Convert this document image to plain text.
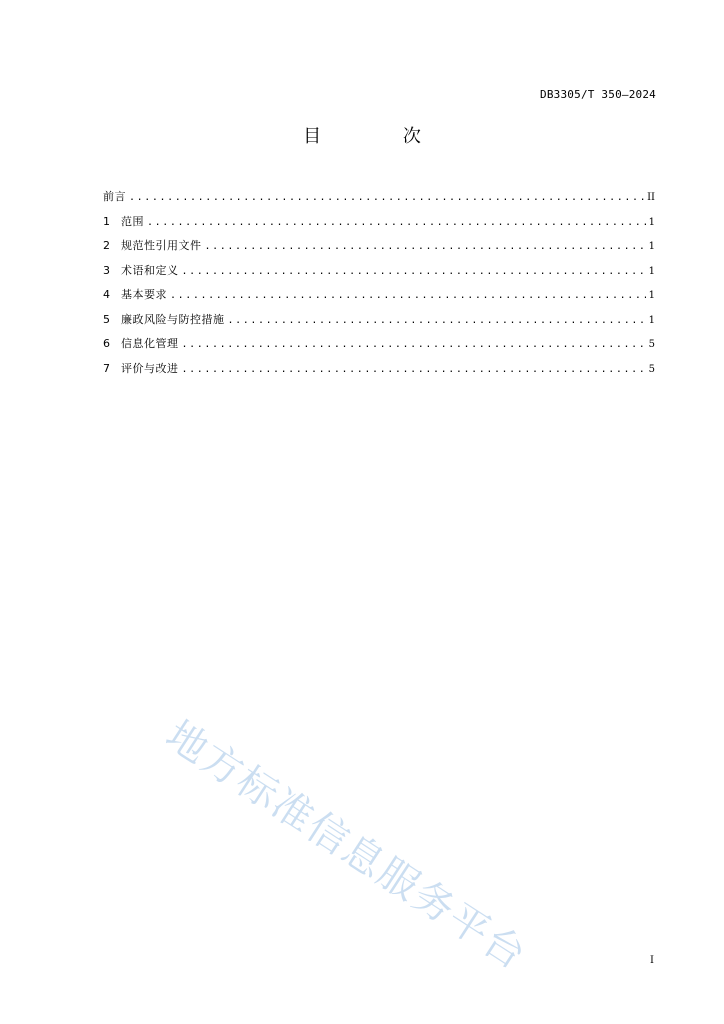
DB3305/T 350—2024
目 次
前言 .....	II
1	范围 .....	1
2	规范性引用文件 .....	1
3	术语和定义 .....	1
4	基本要求 .....	1
5	廉政风险与防控措施 .....	1
6	信息化管理 .....	5
7	评价与改进 .....	5
地方标准信息服务平台	I
